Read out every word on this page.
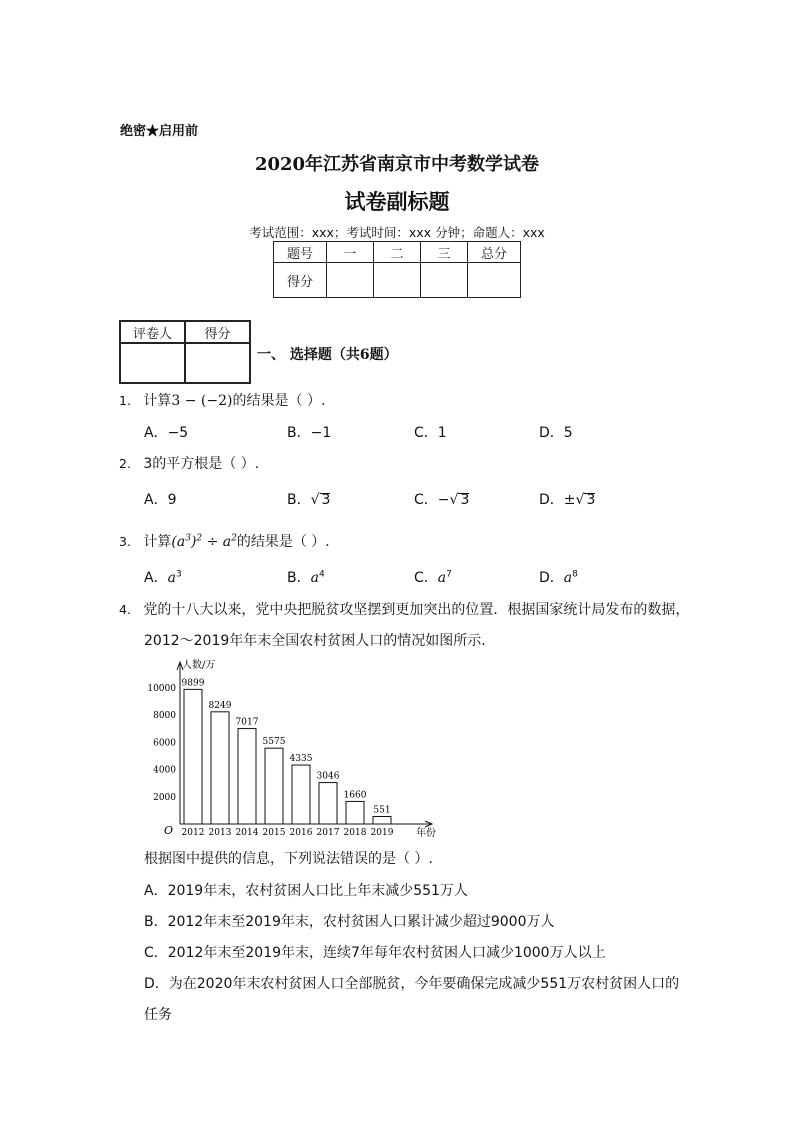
绝密★启用前
2020年江苏省南京市中考数学试卷
试卷副标题
考试范围：xxx；考试时间：xxx 分钟；命题人：xxx
题号	一	二	三	总分
得分				
评卷人	得分

一、 选择题（共6题）
1. 计算3 − (−2)的结果是（ ）.
A．−5	B．−1	C．1	D．5
2. 3的平方根是（ ）.
A．9	B．√ 3	C．−√ 3	D．±√ 3
3. 计算$(a^3)^2 \div a^2$的结果是（ ）.
A．$a^3$	B．$a^4$	C．$a^7$	D．$a^8$
4. 党的十八大以来，党中央把脱贫攻坚摆到更加突出的位置．根据国家统计局发布的数据，
2012～2019年年末全国农村贫困人口的情况如图所示．
人数/万
年份
O
2000
4000
6000
8000
10000
9899
2012
8249
2013
7017
2014
5575
2015
4335
2016
3046
2017
1660
2018
551
2019
根据图中提供的信息，下列说法错误的是（ ）.
A．2019年末，农村贫困人口比上年末减少551万人
B．2012年末至2019年末，农村贫困人口累计减少超过9000万人
C．2012年末至2019年末，连续7年每年农村贫困人口减少1000万人以上
D．为在2020年末农村贫困人口全部脱贫，今年要确保完成减少551万农村贫困人口的
任务
